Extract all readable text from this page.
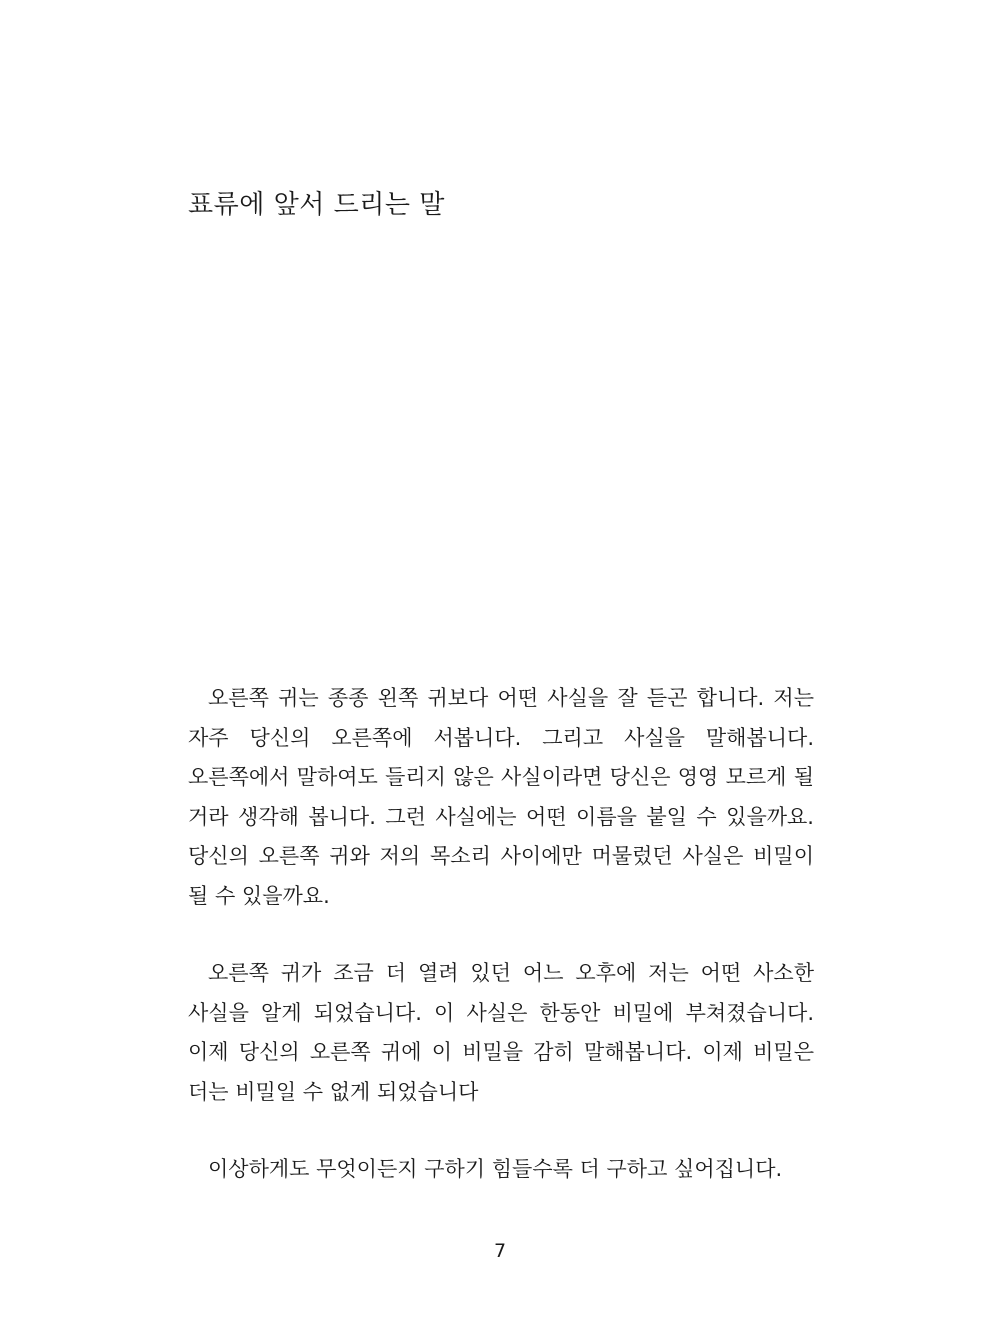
표류에 앞서 드리는 말

오른쪽 귀는 종종 왼쪽 귀보다 어떤 사실을 잘 듣곤 합니다. 저는 자주 당신의 오른쪽에 서봅니다. 그리고 사실을 말해봅니다. 오른쪽에서 말하여도 들리지 않은 사실이라면 당신은 영영 모르게 될 거라 생각해 봅니다. 그런 사실에는 어떤 이름을 붙일 수 있을까요. 당신의 오른쪽 귀와 저의 목소리 사이에만 머물렀던 사실은 비밀이 될 수 있을까요.

오른쪽 귀가 조금 더 열려 있던 어느 오후에 저는 어떤 사소한 사실을 알게 되었습니다. 이 사실은 한동안 비밀에 부쳐졌습니다. 이제 당신의 오른쪽 귀에 이 비밀을 감히 말해봅니다. 이제 비밀은 더는 비밀일 수 없게 되었습니다

이상하게도 무엇이든지 구하기 힘들수록 더 구하고 싶어집니다.

7
